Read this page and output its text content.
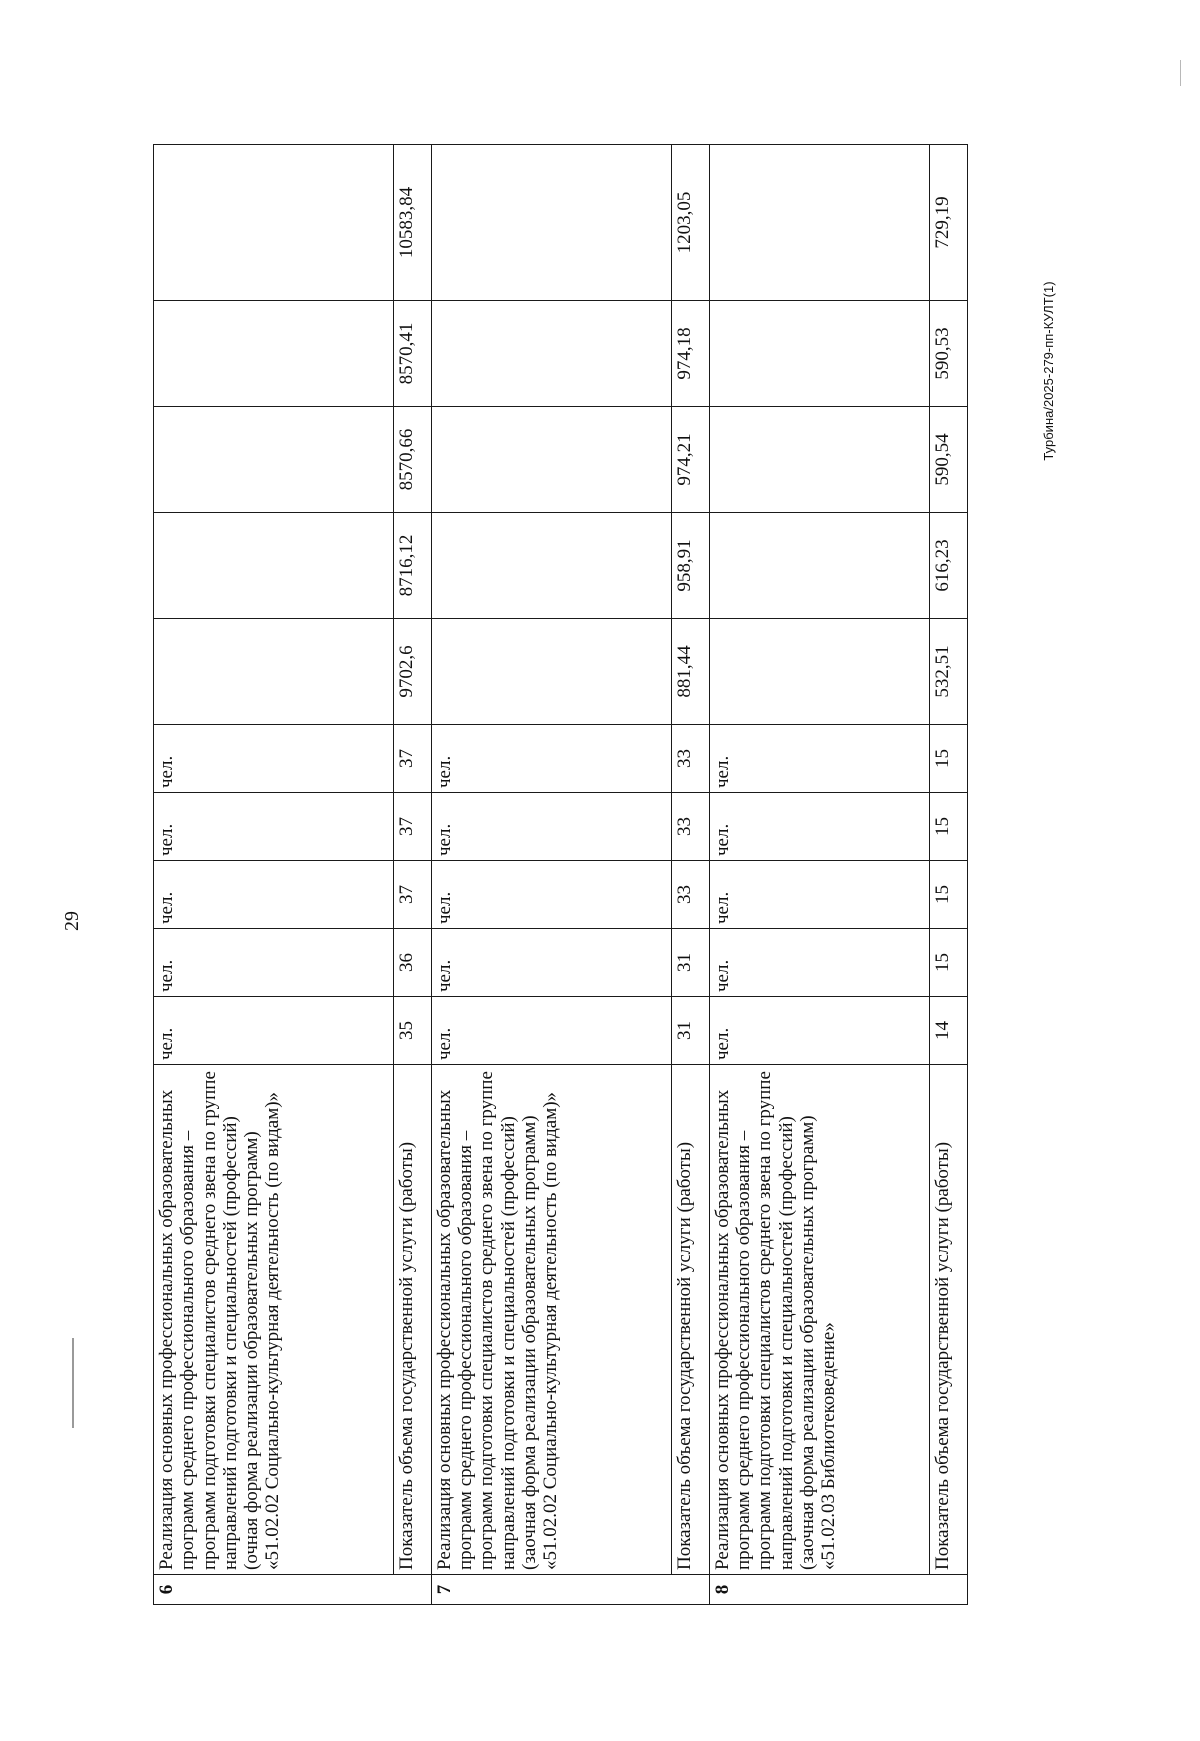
29
6	Реализация основных профессиональных образовательных программ среднего профессионального образования – программ подготовки специалистов среднего звена по группе направлений подготовки и специальностей (профессий) (очная форма реализации образовательных программ) «51.02.02 Социально-культурная деятельность (по видам)»	чел.	чел.	чел.	чел.	чел.					
	Показатель объема государственной услуги (работы)	35	36	37	37	37	9702,6	8716,12	8570,66	8570,41	10583,84
7	Реализация основных профессиональных образовательных программ среднего профессионального образования – программ подготовки специалистов среднего звена по группе направлений подготовки и специальностей (профессий) (заочная форма реализации образовательных программ) «51.02.02 Социально-культурная деятельность (по видам)»	чел.	чел.	чел.	чел.	чел.					
	Показатель объема государственной услуги (работы)	31	31	33	33	33	881,44	958,91	974,21	974,18	1203,05
8	Реализация основных профессиональных образовательных программ среднего профессионального образования – программ подготовки специалистов среднего звена по группе направлений подготовки и специальностей (профессий) (заочная форма реализации образовательных программ) «51.02.03 Библиотековедение»	чел.	чел.	чел.	чел.	чел.					
	Показатель объема государственной услуги (работы)	14	15	15	15	15	532,51	616,23	590,54	590,53	729,19
Турбина/2025-279-пп-КУЛТ(1)
